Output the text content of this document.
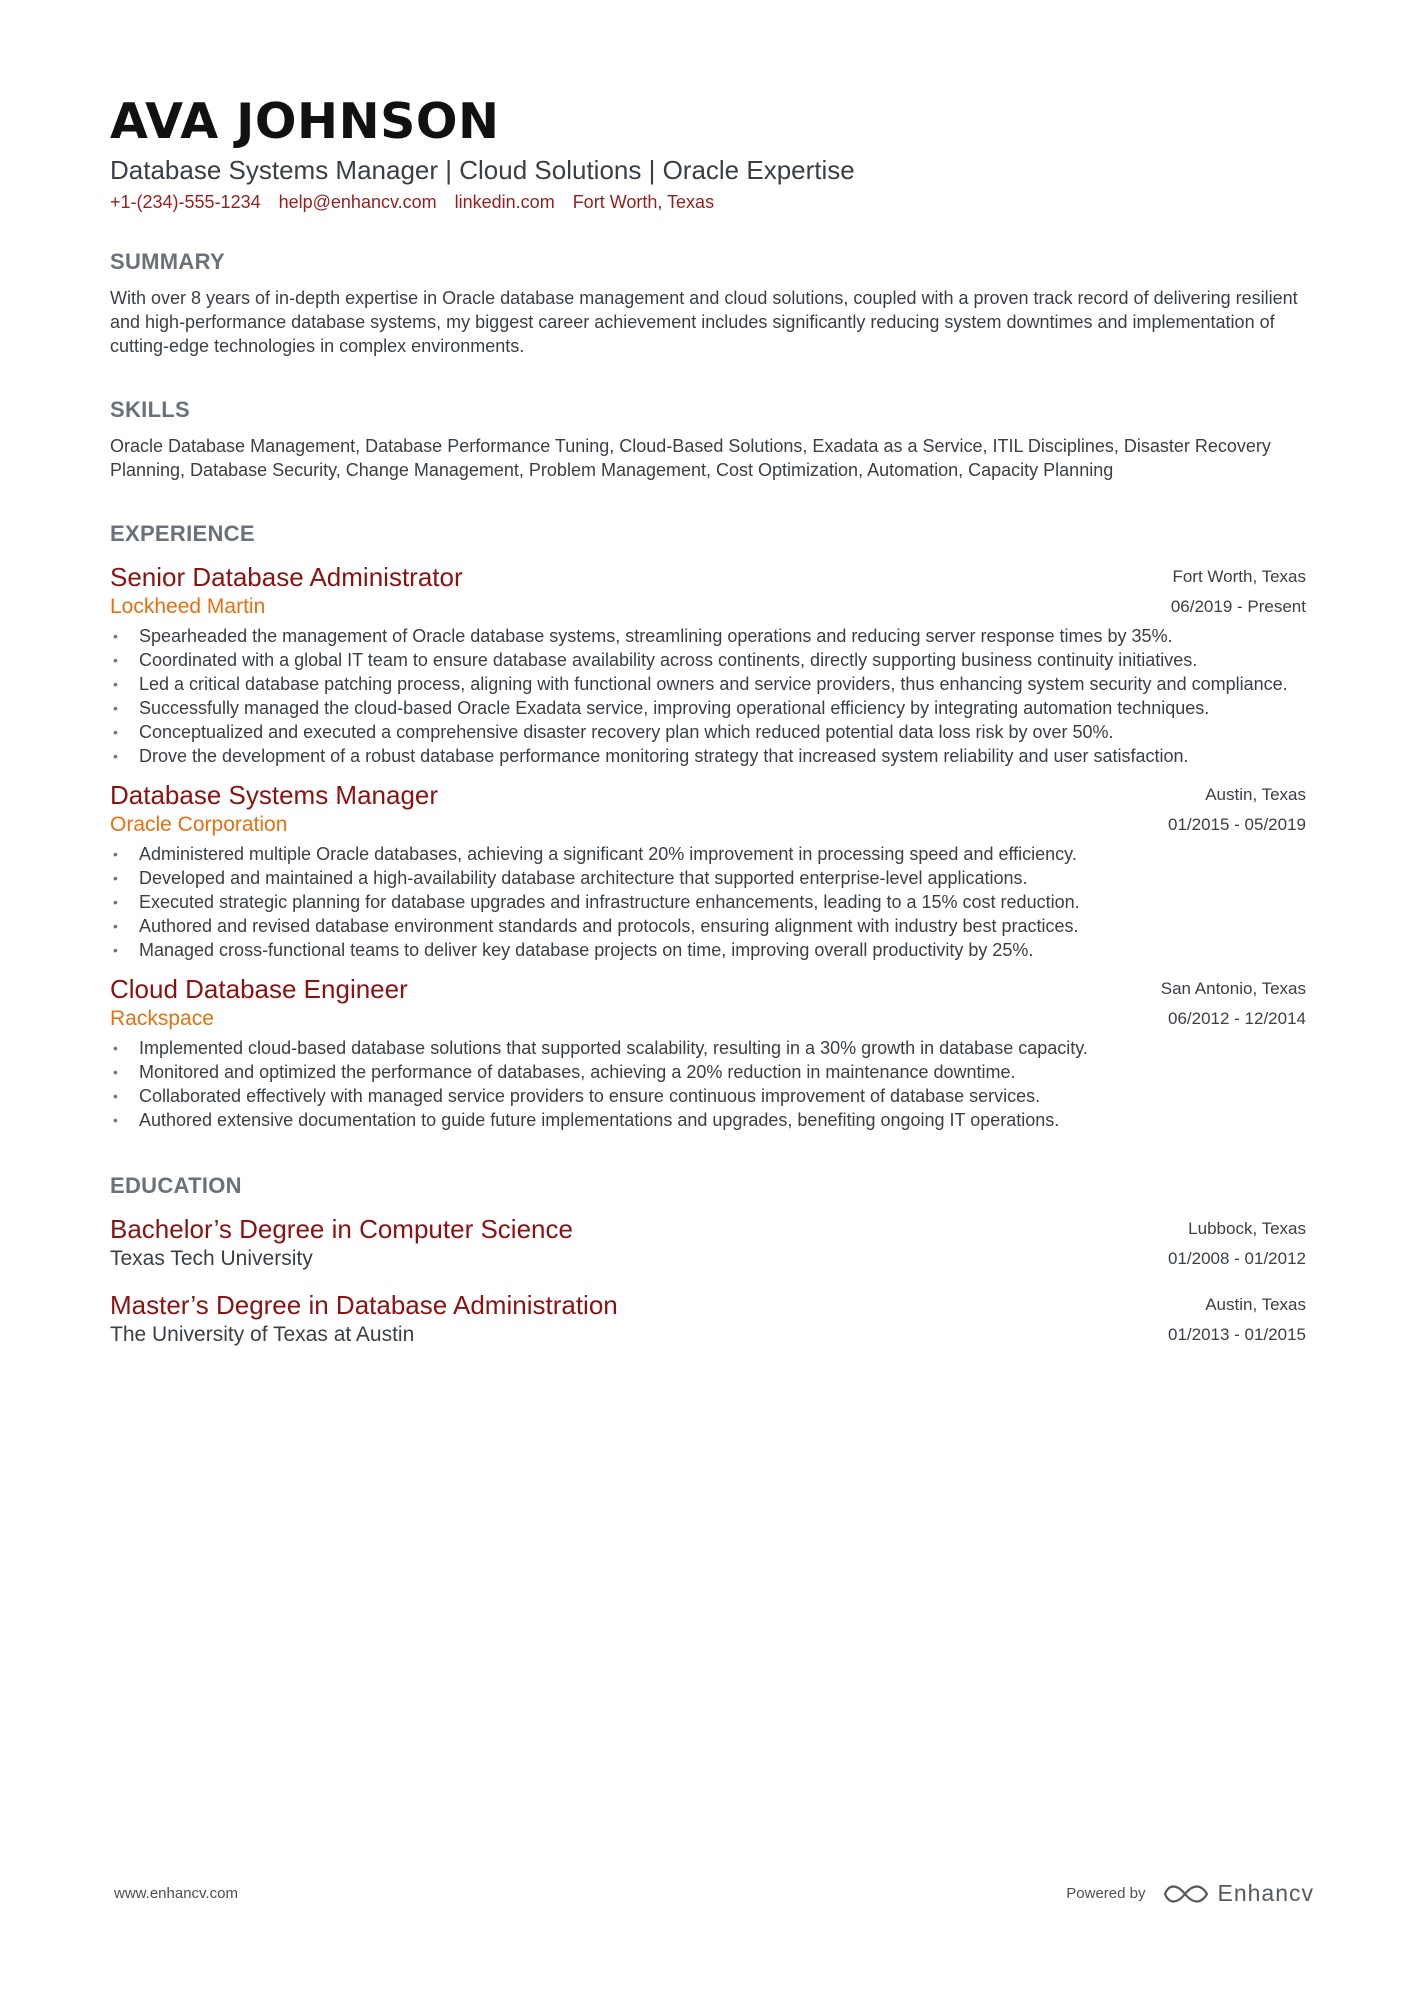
AVA JOHNSON
Database Systems Manager | Cloud Solutions | Oracle Expertise
+1-(234)-555-1234 help@enhancv.com linkedin.com Fort Worth, Texas
SUMMARY
With over 8 years of in-depth expertise in Oracle database management and cloud solutions, coupled with a proven track record of delivering resilient and high-performance database systems, my biggest career achievement includes significantly reducing system downtimes and implementation of cutting-edge technologies in complex environments.
SKILLS
Oracle Database Management, Database Performance Tuning, Cloud-Based Solutions, Exadata as a Service, ITIL Disciplines, Disaster Recovery Planning, Database Security, Change Management, Problem Management, Cost Optimization, Automation, Capacity Planning
EXPERIENCE
Senior Database Administrator
Lockheed Martin
Fort Worth, Texas
06/2019 - Present
• Spearheaded the management of Oracle database systems, streamlining operations and reducing server response times by 35%.
• Coordinated with a global IT team to ensure database availability across continents, directly supporting business continuity initiatives.
• Led a critical database patching process, aligning with functional owners and service providers, thus enhancing system security and compliance.
• Successfully managed the cloud-based Oracle Exadata service, improving operational efficiency by integrating automation techniques.
• Conceptualized and executed a comprehensive disaster recovery plan which reduced potential data loss risk by over 50%.
• Drove the development of a robust database performance monitoring strategy that increased system reliability and user satisfaction.
Database Systems Manager
Oracle Corporation
Austin, Texas
01/2015 - 05/2019
• Administered multiple Oracle databases, achieving a significant 20% improvement in processing speed and efficiency.
• Developed and maintained a high-availability database architecture that supported enterprise-level applications.
• Executed strategic planning for database upgrades and infrastructure enhancements, leading to a 15% cost reduction.
• Authored and revised database environment standards and protocols, ensuring alignment with industry best practices.
• Managed cross-functional teams to deliver key database projects on time, improving overall productivity by 25%.
Cloud Database Engineer
Rackspace
San Antonio, Texas
06/2012 - 12/2014
• Implemented cloud-based database solutions that supported scalability, resulting in a 30% growth in database capacity.
• Monitored and optimized the performance of databases, achieving a 20% reduction in maintenance downtime.
• Collaborated effectively with managed service providers to ensure continuous improvement of database services.
• Authored extensive documentation to guide future implementations and upgrades, benefiting ongoing IT operations.
EDUCATION
Bachelor’s Degree in Computer Science
Texas Tech University
Lubbock, Texas
01/2008 - 01/2012
Master’s Degree in Database Administration
The University of Texas at Austin
Austin, Texas
01/2013 - 01/2015
www.enhancv.com	Powered by	Enhancv
